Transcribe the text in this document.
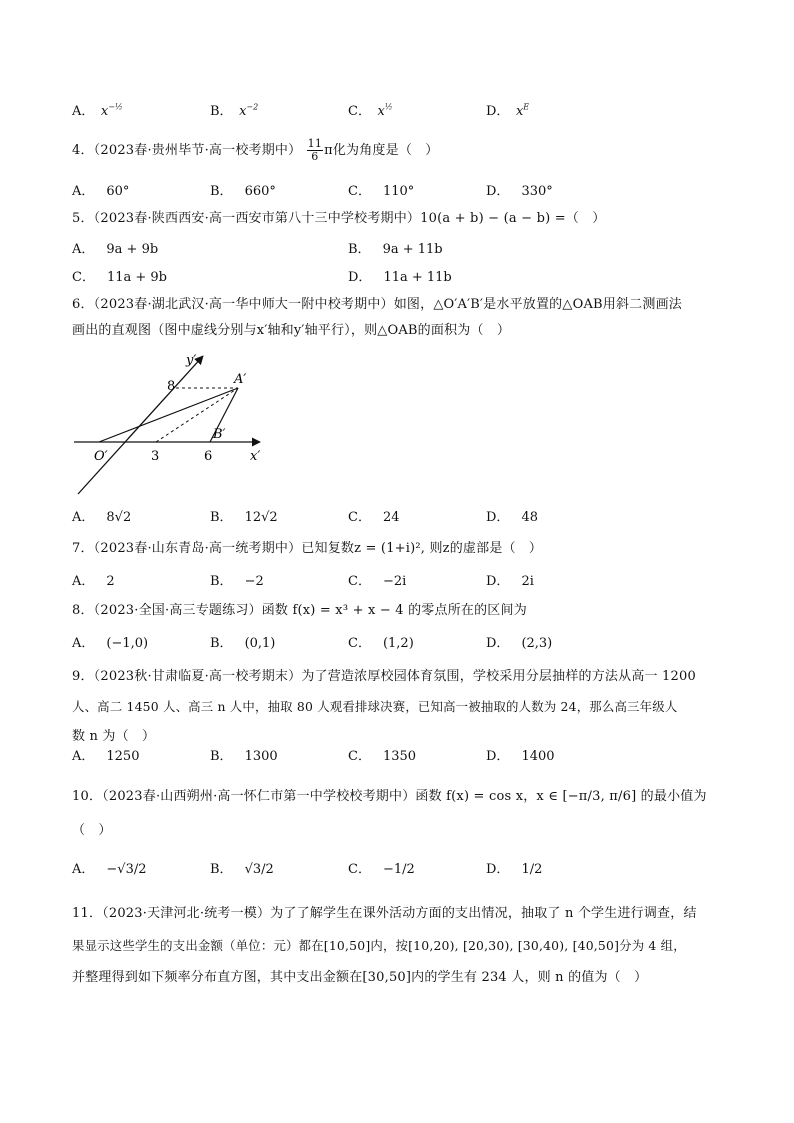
A．　 $x^{-\frac{1}{2}}$	B．　 $x^{-2}$	C．　 $x^{\frac{1}{2}}$	D．　 $x^E$
4．（2023春·贵州毕节·高一校考期中） $\frac{11}{6}$ π化为角度是（　）
A． 60°	B． 660°	C． 110°	D． 330°
5．（2023春·陕西西安·高一西安市第八十三中学校考期中）10(a + b) − (a − b) =（　）
A． 9a + 9b	B． 9a + 11b
C． 11a + 9b	D． 11a + 11b
6．（2023春·湖北武汉·高一华中师大一附中校考期中）如图，△O′A′B′是水平放置的△OAB用斜二测画法
画出的直观图（图中虚线分别与x′轴和y′轴平行），则△OAB的面积为（　）
y′
8	A′
B′
O′	3	6	x′
A． 8√2	B． 12√2	C． 24	D． 48
7．（2023春·山东青岛·高一统考期中）已知复数z = (1+i)², 则z的虚部是（　）
A． 2	B． −2	C． −2i	D． 2i
8．（2023·全国·高三专题练习）函数 f(x) = x³ + x − 4 的零点所在的区间为
A． (−1,0)	B． (0,1)	C． (1,2)	D． (2,3)
9．（2023秋·甘肃临夏·高一校考期末）为了营造浓厚校园体育氛围，学校采用分层抽样的方法从高一 1200
人、高二 1450 人、高三 n 人中，抽取 80 人观看排球决赛，已知高一被抽取的人数为 24，那么高三年级人
数 n 为（　）
A． 1250	B． 1300	C． 1350	D． 1400
10．（2023春·山西朔州·高一怀仁市第一中学校校考期中）函数 f(x) = cos x，x ∈ [−π/3, π/6] 的最小值为
（　）
A． −√3/2	B． √3/2	C． −1/2	D． 1/2
11．（2023·天津河北·统考一模）为了了解学生在课外活动方面的支出情况，抽取了 n 个学生进行调查，结
果显示这些学生的支出金额（单位：元）都在[10,50]内，按[10,20), [20,30), [30,40), [40,50]分为 4 组，
并整理得到如下频率分布直方图，其中支出金额在[30,50]内的学生有 234 人，则 n 的值为（　）
